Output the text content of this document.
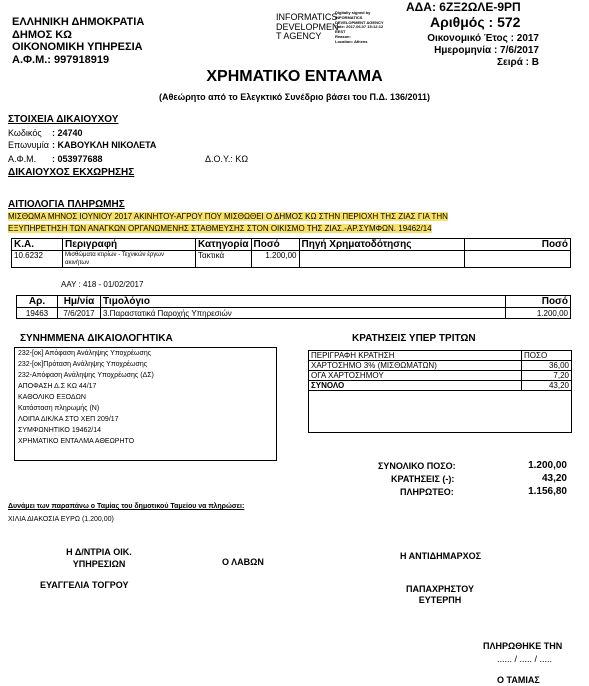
ΑΔΑ: 6ΖΞ2ΩΛΕ-9ΡΠ
ΕΛΛΗΝΙΚΗ ΔΗΜΟΚΡΑΤΙΑ
ΔΗΜΟΣ ΚΩ
ΟΙΚΟΝΟΜΙΚΗ ΥΠΗΡΕΣΙΑ
Α.Φ.Μ.: 997918919
INFORMATICS
DEVELOPMEN
T AGENCY
Digitally signed by
INFORMATICS
DEVELOPMENT AGENCY
Date: 2017.06.07 15:12:12
EEST
Reason:
Location: Athens
Αριθμός : 572
Οικονομικό Έτος : 2017
Ημερομηνία : 7/6/2017
Σειρά : Β
ΧΡΗΜΑΤΙΚΟ ΕΝΤΑΛΜΑ
(Αθεώρητο από το Ελεγκτικό Συνέδριο βάσει του Π.Δ. 136/2011)
ΣΤΟΙΧΕΙΑ ΔΙΚΑΙΟΥΧΟΥ
Κωδικός : 24740
Επωνυμία : ΚΑΒΟΥΚΛΗ ΝΙΚΟΛΕΤΑ
Α.Φ.Μ. : 053977688	Δ.Ο.Υ.: ΚΩ
ΔΙΚΑΙΟΥΧΟΣ ΕΚΧΩΡΗΣΗΣ
ΑΙΤΙΟΛΟΓΙΑ ΠΛΗΡΩΜΗΣ
ΜΙΣΘΩΜΑ ΜΗΝΟΣ ΙΟΥΝΙΟΥ 2017 ΑΚΙΝΗΤΟΥ-ΑΓΡΟΥ ΠΟΥ ΜΙΣΘΩΘΕΙ Ο ΔΗΜΟΣ ΚΩ ΣΤΗΝ ΠΕΡΙΟΧΗ ΤΗΣ ΖΙΑΣ ΓΙΑ ΤΗΝ
ΕΞΥΠΗΡΕΤΗΣΗ ΤΩΝ ΑΝΑΓΚΩΝ ΟΡΓΑΝΩΜΕΝΗΣ ΣΤΑΘΜΕΥΣΗΣ ΣΤΟΝ ΟΙΚΙΣΜΟ ΤΗΣ ΖΙΑΣ.-ΑΡ.ΣΥΜΦΩΝ. 19462/14
Κ.Α.	Περιγραφή	Κατηγορία	Ποσό	Πηγή Χρηματοδότησης	Ποσό

10.6232	Μισθώματα κτιρίων - Τεχνικών έργων
ακινήτων	Τακτικά	1.200,00		
ΑΑΥ : 418 - 01/02/2017
Αρ.	Ημ/νία	Τιμολόγιο	Ποσό
19463	7/6/2017	3.Παραστατικά Παροχής Υπηρεσιών	1.200,00
ΣΥΝΗΜΜΕΝΑ ΔΙΚΑΙΟΛΟΓΗΤΙΚΑ
232-[οκ] Απόφαση Ανάληψης Υποχρέωσης
232-[οκ]Πρόταση Ανάληψης Υποχρέωσης
232-Απόφαση Ανάληψης Υποχρέωσης (ΔΣ)
ΑΠΟΦΑΣΗ Δ.Σ ΚΩ 44/17
ΚΑΘΟΛΙΚΟ ΕΞΟΔΩΝ
Κατάσταση πληρωμής (Ν)
ΛΟΙΠΑ ΔΙΚ/ΚΑ ΣΤΟ ΧΕΠ 209/17
ΣΥΜΦΩΝΗΤΙΚΟ 19462/14
ΧΡΗΜΑΤΙΚΟ ΕΝΤΑΛΜΑ ΑΘΕΩΡΗΤΟ
ΚΡΑΤΗΣΕΙΣ ΥΠΕΡ ΤΡΙΤΩΝ
ΠΕΡΙΓΡΑΦΗ ΚΡΑΤΗΣΗ	ΠΟΣΟ
ΧΑΡΤΟΣΗΜΟ 3% (ΜΙΣΘΩΜΑΤΩΝ)	36,00
ΟΓΑ ΧΑΡΤΟΣΗΜΟΥ	7,20
ΣΥΝΟΛΟ	43,20
ΣΥΝΟΛΙΚΟ ΠΟΣΟ:	1.200,00
ΚΡΑΤΗΣΕΙΣ (-):	43,20
ΠΛΗΡΩΤΕΟ:	1.156,80
Δυνάμει των παραπάνω ο Ταμίας του δημοτικού Ταμείου να πληρώσει:
ΧΙΛΙΑ ΔΙΑΚΟΣΙΑ ΕΥΡΩ (1.200,00)
Η Δ/ΝΤΡΙΑ ΟΙΚ.
ΥΠΗΡΕΣΙΩΝ
ΕΥΑΓΓΕΛΙΑ ΤΟΓΡΟΥ
Ο ΛΑΒΩΝ
Η ΑΝΤΙΔΗΜΑΡΧΟΣ
ΠΑΠΑΧΡΗΣΤΟΥ
ΕΥΤΕΡΠΗ
ΠΛΗΡΩΘΗΚΕ ΤΗΝ
...... / ..... / .....
Ο ΤΑΜΙΑΣ
